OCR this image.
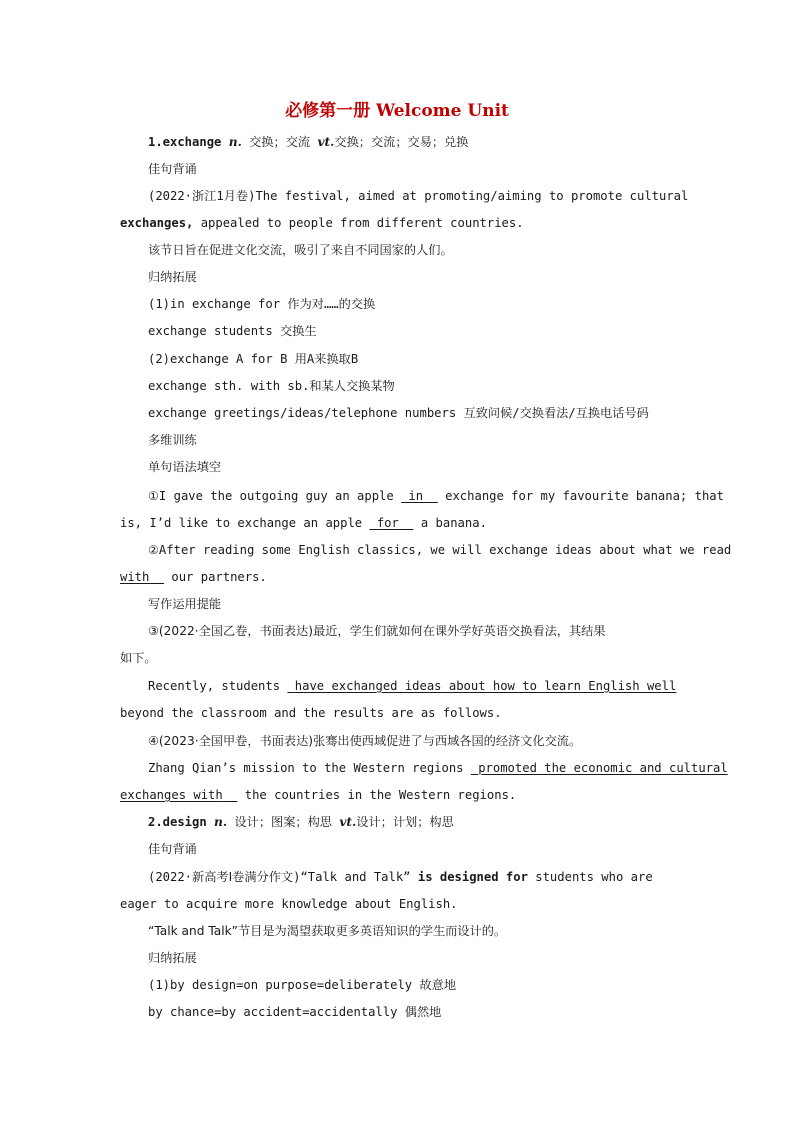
必修第一册 Welcome Unit
1.exchange n. 交换；交流 vt.交换；交流；交易；兑换
佳句背诵
(2022·浙江1月卷)The festival, aimed at promoting/aiming to promote cultural
exchanges, appealed to people from different countries.
该节日旨在促进文化交流，吸引了来自不同国家的人们。
归纳拓展
(1)in exchange for 作为对……的交换
exchange students 交换生
(2)exchange A for B 用A来换取B
exchange sth. with sb.和某人交换某物
exchange greetings/ideas/telephone numbers 互致问候/交换看法/互换电话号码
多维训练
单句语法填空
①I gave the outgoing guy an apple  in   exchange for my favourite banana; that
is, I’d like to exchange an apple  for   a banana.
②After reading some English classics, we will exchange ideas about what we read
with   our partners.
写作运用提能
③(2022·全国乙卷，书面表达)最近，学生们就如何在课外学好英语交换看法，其结果
如下。
Recently, students  have exchanged ideas about how to learn English well
beyond the classroom and the results are as follows.
④(2023·全国甲卷，书面表达)张骞出使西域促进了与西域各国的经济文化交流。
Zhang Qian’s mission to the Western regions  promoted the economic and cultural
exchanges with   the countries in the Western regions.
2.design n. 设计；图案；构思 vt.设计；计划；构思
佳句背诵
(2022·新高考Ⅰ卷满分作文)“Talk and Talk” is designed for students who are
eager to acquire more knowledge about English.
“Talk and Talk”节目是为渴望获取更多英语知识的学生而设计的。
归纳拓展
(1)by design=on purpose=deliberately 故意地
by chance=by accident=accidentally 偶然地
